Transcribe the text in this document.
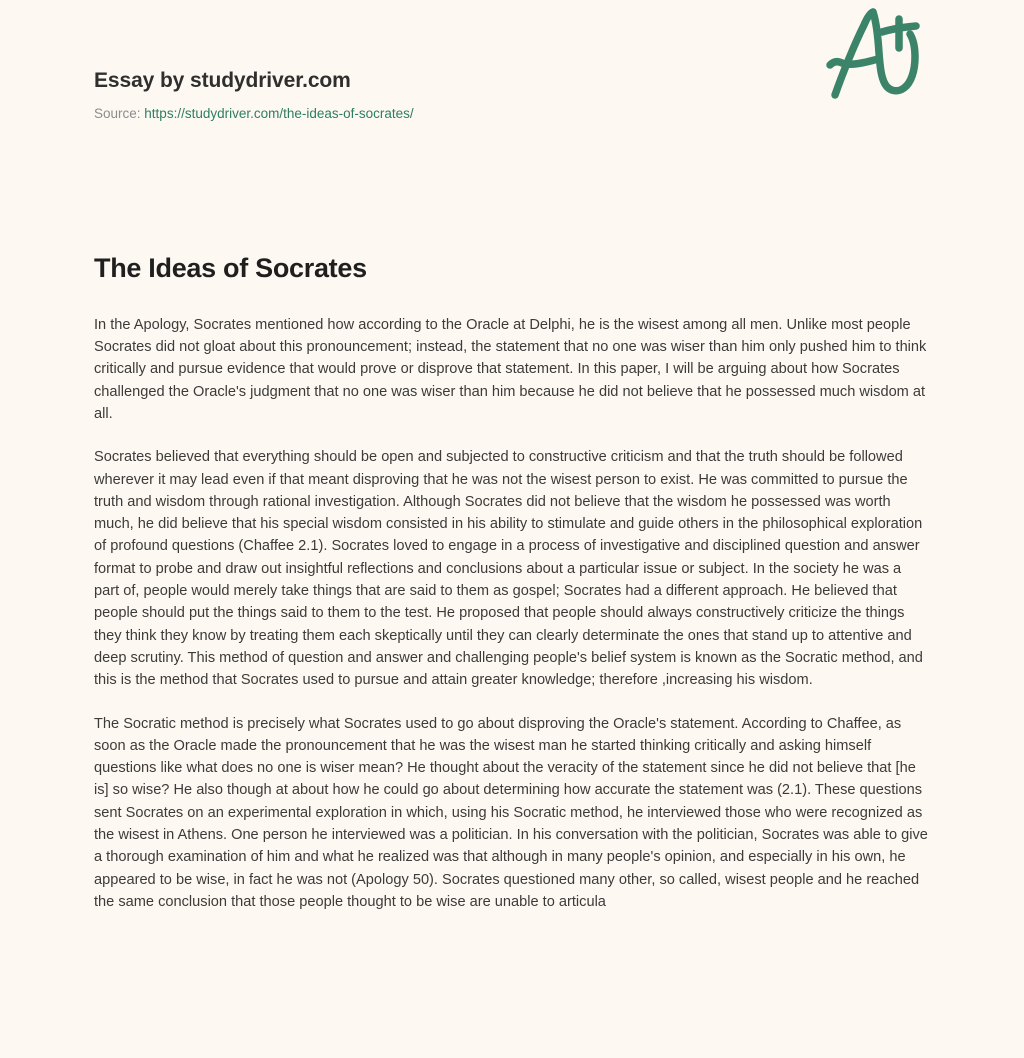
Essay by studydriver.com
Source: https://studydriver.com/the-ideas-of-socrates/
The Ideas of Socrates

In the Apology, Socrates mentioned how according to the Oracle at Delphi, he is the wisest among all men. Unlike most people Socrates did not gloat about this pronouncement; instead, the statement that no one was wiser than him only pushed him to think critically and pursue evidence that would prove or disprove that statement. In this paper, I will be arguing about how Socrates challenged the Oracle's judgment that no one was wiser than him because he did not believe that he possessed much wisdom at all.

Socrates believed that everything should be open and subjected to constructive criticism and that the truth should be followed wherever it may lead even if that meant disproving that he was not the wisest person to exist. He was committed to pursue the truth and wisdom through rational investigation. Although Socrates did not believe that the wisdom he possessed was worth much, he did believe that his special wisdom consisted in his ability to stimulate and guide others in the philosophical exploration of profound questions (Chaffee 2.1). Socrates loved to engage in a process of investigative and disciplined question and answer format to probe and draw out insightful reflections and conclusions about a particular issue or subject. In the society he was a part of, people would merely take things that are said to them as gospel; Socrates had a different approach. He believed that people should put the things said to them to the test. He proposed that people should always constructively criticize the things they think they know by treating them each skeptically until they can clearly determinate the ones that stand up to attentive and deep scrutiny. This method of question and answer and challenging people's belief system is known as the Socratic method, and this is the method that Socrates used to pursue and attain greater knowledge; therefore ,increasing his wisdom.

The Socratic method is precisely what Socrates used to go about disproving the Oracle's statement. According to Chaffee, as soon as the Oracle made the pronouncement that he was the wisest man he started thinking critically and asking himself questions like what does no one is wiser mean? He thought about the veracity of the statement since he did not believe that [he is] so wise? He also though at about how he could go about determining how accurate the statement was (2.1). These questions sent Socrates on an experimental exploration in which, using his Socratic method, he interviewed those who were recognized as the wisest in Athens. One person he interviewed was a politician. In his conversation with the politician, Socrates was able to give a thorough examination of him and what he realized was that although in many people's opinion, and especially in his own, he appeared to be wise, in fact he was not (Apology 50). Socrates questioned many other, so called, wisest people and he reached the same conclusion that those people thought to be wise are unable to articula
